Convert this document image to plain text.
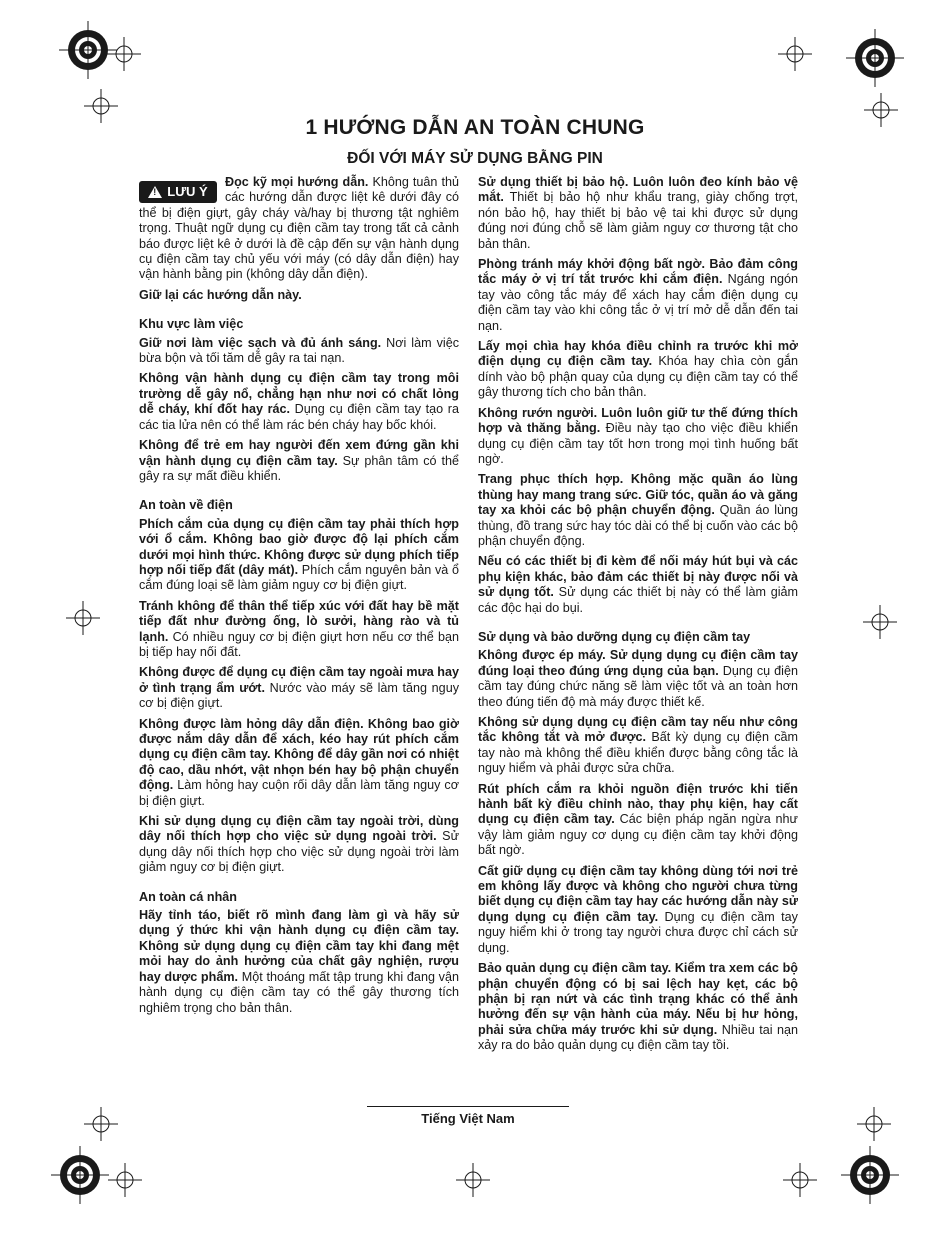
1 HƯỚNG DẪN AN TOÀN CHUNG
ĐỐI VỚI MÁY SỬ DỤNG BẰNG PIN
! LƯU Ý

Đọc kỹ mọi hướng dẫn. Không tuân thủ các hướng dẫn được liệt kê dưới đây có thể bị điện giựt, gây cháy và/hay bị thương tật nghiêm trọng. Thuật ngữ dụng cụ điện cầm tay trong tất cả cảnh báo được liệt kê ở dưới là đề cập đến sự vận hành dụng cụ điện cầm tay chủ yếu với máy (có dây dẫn điện) hay vận hành bằng pin (không dây dẫn điện).

Giữ lại các hướng dẫn này.

Khu vực làm việc

Giữ nơi làm việc sạch và đủ ánh sáng. Nơi làm việc bừa bộn và tối tăm dễ gây ra tai nạn.

Không vận hành dụng cụ điện cầm tay trong môi trường dễ gây nổ, chẳng hạn như nơi có chất lỏng dễ cháy, khí đốt hay rác. Dụng cụ điện cầm tay tạo ra các tia lửa nên có thể làm rác bén cháy hay bốc khói.

Không để trẻ em hay người đến xem đứng gần khi vận hành dụng cụ điện cầm tay. Sự phân tâm có thể gây ra sự mất điều khiển.

An toàn về điện

Phích cắm của dụng cụ điện cầm tay phải thích hợp với ổ cắm. Không bao giờ được độ lại phích cắm dưới mọi hình thức. Không được sử dụng phích tiếp hợp nối tiếp đất (dây mát). Phích cắm nguyên bản và ổ cắm đúng loại sẽ làm giảm nguy cơ bị điện giựt.

Tránh không để thân thể tiếp xúc với đất hay bề mặt tiếp đất như đường ống, lò sưởi, hàng rào và tủ lạnh. Có nhiều nguy cơ bị điện giựt hơn nếu cơ thể bạn bị tiếp hay nối đất.

Không được để dụng cụ điện cầm tay ngoài mưa hay ở tình trạng ẩm ướt. Nước vào máy sẽ làm tăng nguy cơ bị điện giựt.

Không được làm hỏng dây dẫn điện. Không bao giờ được nắm dây dẫn để xách, kéo hay rút phích cắm dụng cụ điện cầm tay. Không để dây gần nơi có nhiệt độ cao, dầu nhớt, vật nhọn bén hay bộ phận chuyển động. Làm hỏng hay cuộn rối dây dẫn làm tăng nguy cơ bị điện giựt.

Khi sử dụng dụng cụ điện cầm tay ngoài trời, dùng dây nối thích hợp cho việc sử dụng ngoài trời. Sử dụng dây nối thích hợp cho việc sử dụng ngoài trời làm giảm nguy cơ bị điện giựt.

An toàn cá nhân

Hãy tỉnh táo, biết rõ mình đang làm gì và hãy sử dụng ý thức khi vận hành dụng cụ điện cầm tay. Không sử dụng dụng cụ điện cầm tay khi đang mệt mỏi hay do ảnh hưởng của chất gây nghiện, rượu hay dược phẩm. Một thoáng mất tập trung khi đang vận hành dụng cụ điện cầm tay có thể gây thương tích nghiêm trọng cho bản thân.

Sử dụng thiết bị bảo hộ. Luôn luôn đeo kính bảo vệ mắt. Thiết bị bảo hộ như khẩu trang, giày chống trợt, nón bảo hộ, hay thiết bị bảo vệ tai khi được sử dụng đúng nơi đúng chỗ sẽ làm giảm nguy cơ thương tật cho bản thân.

Phòng tránh máy khởi động bất ngờ. Bảo đảm công tắc máy ở vị trí tắt trước khi cắm điện. Ngáng ngón tay vào công tắc máy để xách hay cắm điện dụng cụ điện cầm tay vào khi công tắc ở vị trí mở dễ dẫn đến tai nạn.

Lấy mọi chìa hay khóa điều chỉnh ra trước khi mở điện dụng cụ điện cầm tay. Khóa hay chìa còn gắn dính vào bộ phận quay của dụng cụ điện cầm tay có thể gây thương tích cho bản thân.

Không rướn người. Luôn luôn giữ tư thế đứng thích hợp và thăng bằng. Điều này tạo cho việc điều khiển dụng cụ điện cầm tay tốt hơn trong mọi tình huống bất ngờ.

Trang phục thích hợp. Không mặc quần áo lùng thùng hay mang trang sức. Giữ tóc, quần áo và găng tay xa khỏi các bộ phận chuyển động. Quần áo lùng thùng, đồ trang sức hay tóc dài có thể bị cuốn vào các bộ phận chuyển động.

Nếu có các thiết bị đi kèm để nối máy hút bụi và các phụ kiện khác, bảo đảm các thiết bị này được nối và sử dụng tốt. Sử dụng các thiết bị này có thể làm giảm các độc hại do bụi.

Sử dụng và bảo dưỡng dụng cụ điện cầm tay

Không được ép máy. Sử dụng dụng cụ điện cầm tay đúng loại theo đúng ứng dụng của bạn. Dụng cụ điện cầm tay đúng chức năng sẽ làm việc tốt và an toàn hơn theo đúng tiến độ mà máy được thiết kế.

Không sử dụng dụng cụ điện cầm tay nếu như công tắc không tắt và mở được. Bất kỳ dụng cụ điện cầm tay nào mà không thể điều khiển được bằng công tắc là nguy hiểm và phải được sửa chữa.

Rút phích cắm ra khỏi nguồn điện trước khi tiến hành bất kỳ điều chỉnh nào, thay phụ kiện, hay cất dụng cụ điện cầm tay. Các biện pháp ngăn ngừa như vậy làm giảm nguy cơ dụng cụ điện cầm tay khởi động bất ngờ.

Cất giữ dụng cụ điện cầm tay không dùng tới nơi trẻ em không lấy được và không cho người chưa từng biết dụng cụ điện cầm tay hay các hướng dẫn này sử dụng dụng cụ điện cầm tay. Dụng cụ điện cầm tay nguy hiểm khi ở trong tay người chưa được chỉ cách sử dụng.

Bảo quản dụng cụ điện cầm tay. Kiểm tra xem các bộ phận chuyển động có bị sai lệch hay kẹt, các bộ phận bị rạn nứt và các tình trạng khác có thể ảnh hưởng đến sự vận hành của máy. Nếu bị hư hỏng, phải sửa chữa máy trước khi sử dụng. Nhiều tai nạn xảy ra do bảo quản dụng cụ điện cầm tay tồi.

Tiếng Việt Nam
